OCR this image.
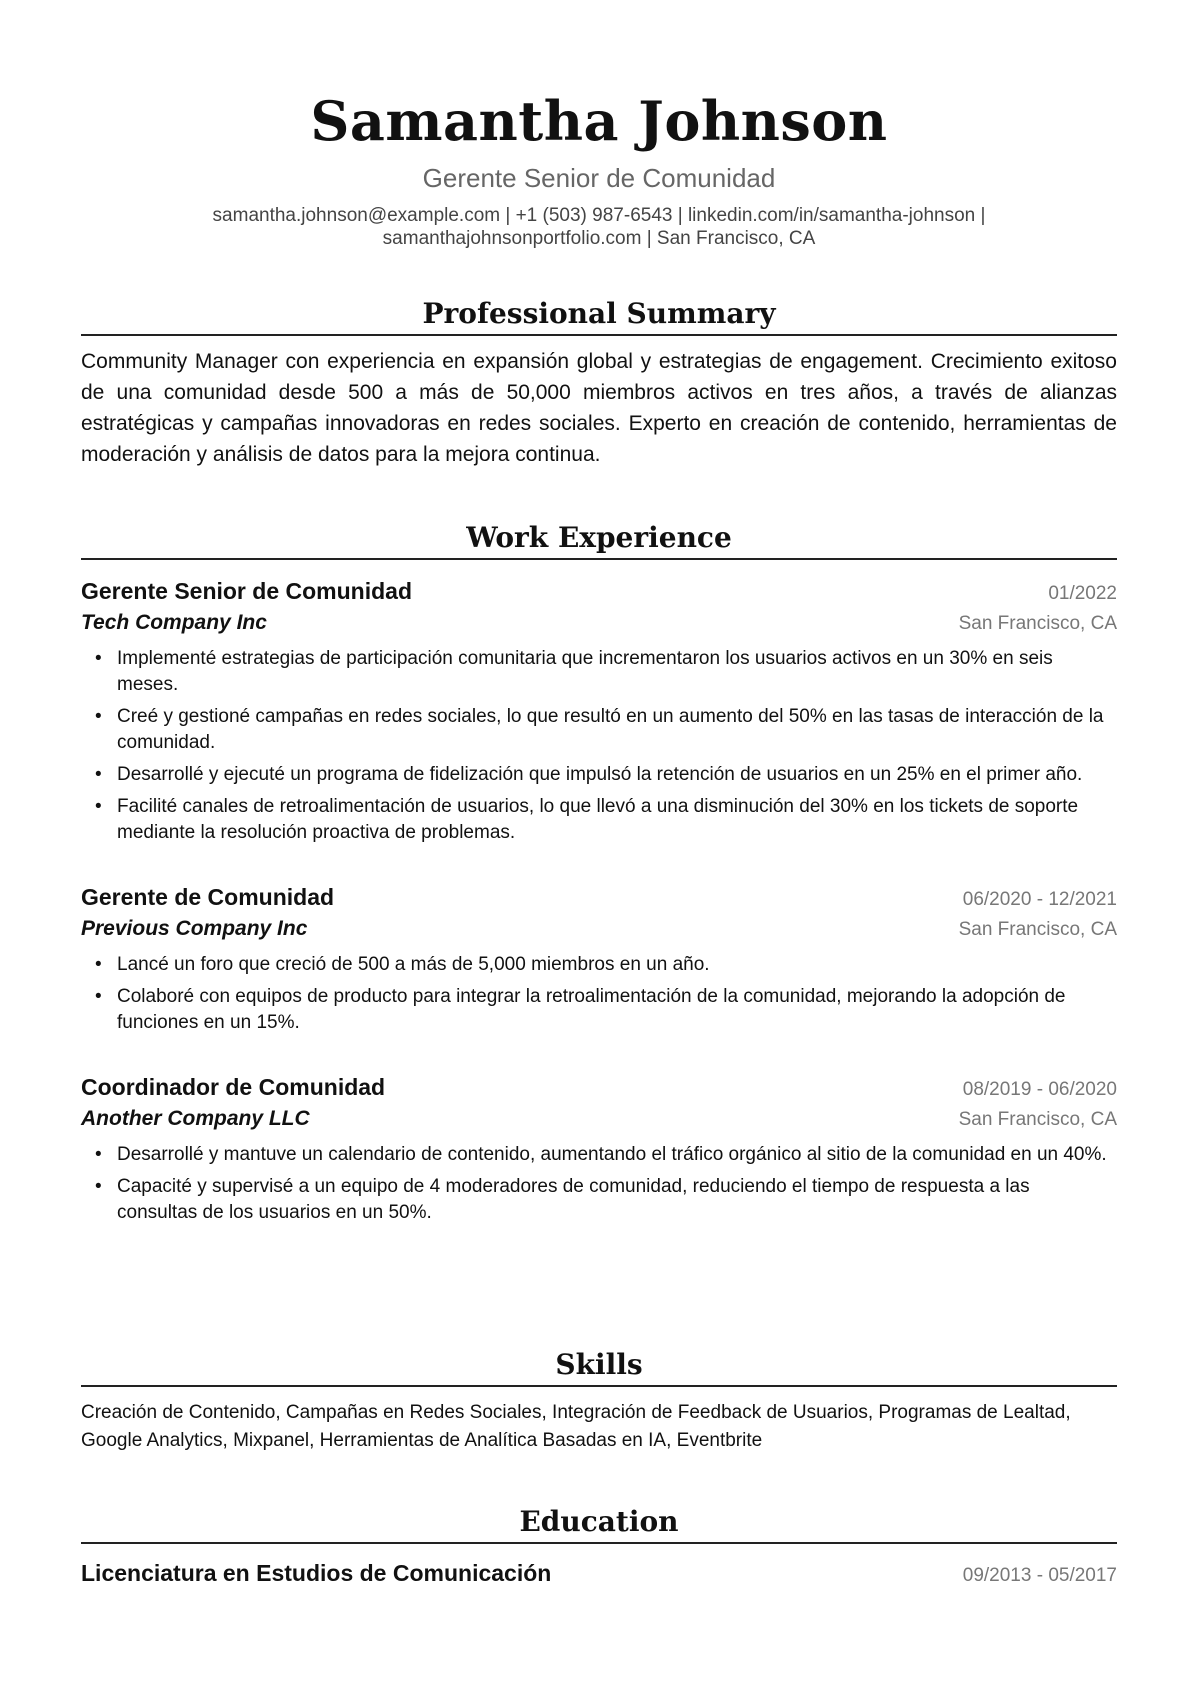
Samantha Johnson
Gerente Senior de Comunidad
samantha.johnson@example.com | +1 (503) 987-6543 | linkedin.com/in/samantha-johnson |
samanthajohnsonportfolio.com | San Francisco, CA
Professional Summary
Community Manager con experiencia en expansión global y estrategias de engagement. Crecimiento exitoso de una comunidad desde 500 a más de 50,000 miembros activos en tres años, a través de alianzas estratégicas y campañas innovadoras en redes sociales. Experto en creación de contenido, herramientas de moderación y análisis de datos para la mejora continua.
Work Experience
Gerente Senior de Comunidad	01/2022
Tech Company Inc	San Francisco, CA
• Implementé estrategias de participación comunitaria que incrementaron los usuarios activos en un 30% en seis meses.
• Creé y gestioné campañas en redes sociales, lo que resultó en un aumento del 50% en las tasas de interacción de la comunidad.
• Desarrollé y ejecuté un programa de fidelización que impulsó la retención de usuarios en un 25% en el primer año.
• Facilité canales de retroalimentación de usuarios, lo que llevó a una disminución del 30% en los tickets de soporte mediante la resolución proactiva de problemas.
Gerente de Comunidad	06/2020 - 12/2021
Previous Company Inc	San Francisco, CA
• Lancé un foro que creció de 500 a más de 5,000 miembros en un año.
• Colaboré con equipos de producto para integrar la retroalimentación de la comunidad, mejorando la adopción de funciones en un 15%.
Coordinador de Comunidad	08/2019 - 06/2020
Another Company LLC	San Francisco, CA
• Desarrollé y mantuve un calendario de contenido, aumentando el tráfico orgánico al sitio de la comunidad en un 40%.
• Capacité y supervisé a un equipo de 4 moderadores de comunidad, reduciendo el tiempo de respuesta a las consultas de los usuarios en un 50%.
Skills
Creación de Contenido, Campañas en Redes Sociales, Integración de Feedback de Usuarios, Programas de Lealtad, Google Analytics, Mixpanel, Herramientas de Analítica Basadas en IA, Eventbrite
Education
Licenciatura en Estudios de Comunicación	09/2013 - 05/2017
